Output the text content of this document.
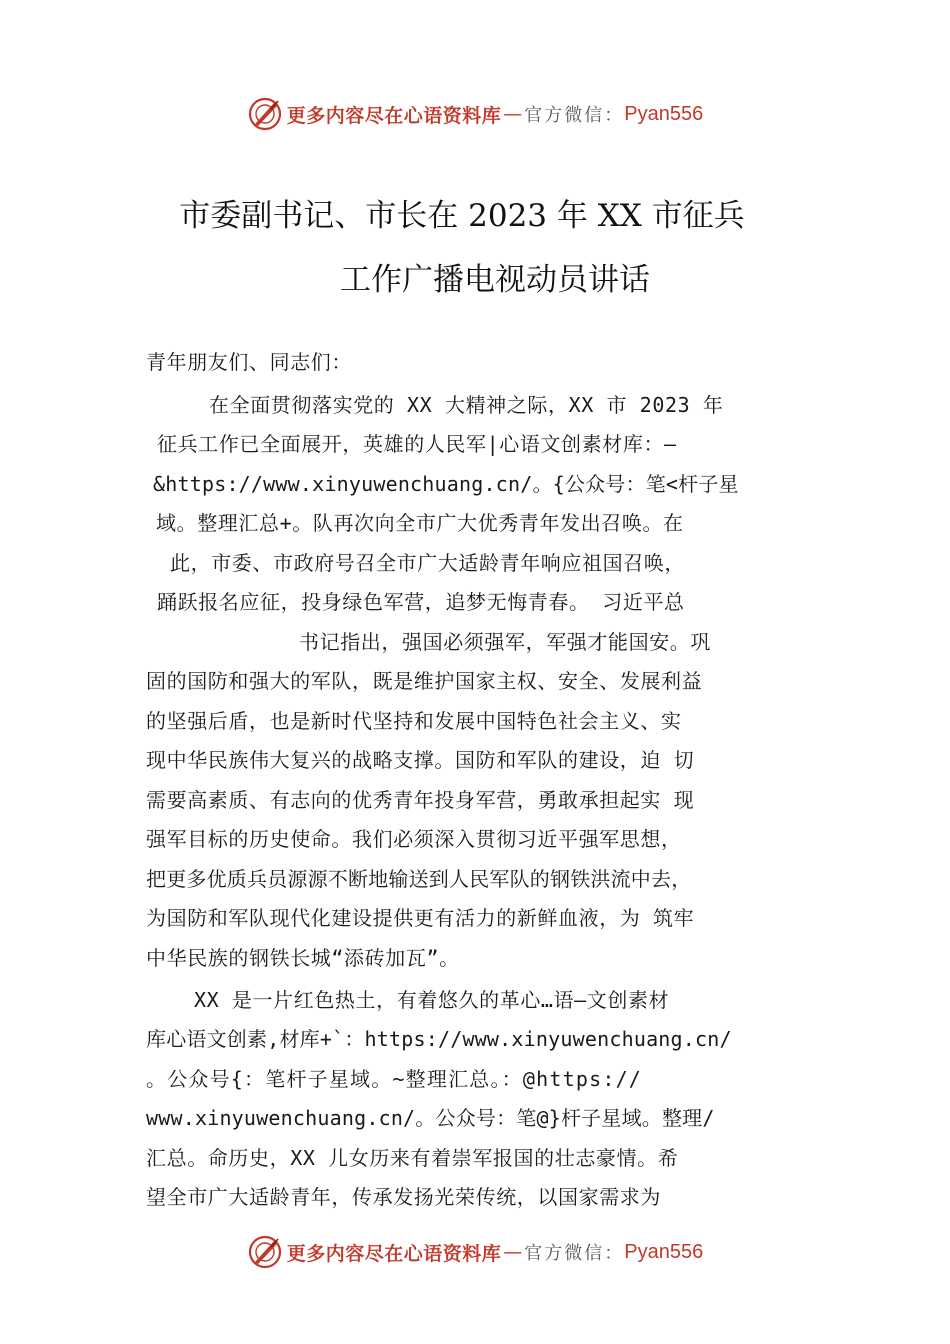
更多内容尽在心语资料库 — 官方微信： Pyan556
市委副书记、市长在 2023 年 XX 市征兵
工作广播电视动员讲话

青年朋友们、同志们：

在全面贯彻落实党的 XX 大精神之际，XX 市 2023 年

征兵工作已全面展开，英雄的人民军|心语文创素材库：—

&https://www.xinyuwenchuang.cn/。{公众号：笔<杆子星

域。整理汇总+。队再次向全市广大优秀青年发出召唤。在

此，市委、市政府号召全市广大适龄青年响应祖国召唤，

踊跃报名应征，投身绿色军营，追梦无悔青春。 习近平总

书记指出，强国必须强军，军强才能国安。巩

固的国防和强大的军队，既是维护国家主权、安全、发展利益

的坚强后盾，也是新时代坚持和发展中国特色社会主义、实

现中华民族伟大复兴的战略支撑。国防和军队的建设，迫 切

需要高素质、有志向的优秀青年投身军营，勇敢承担起实 现

强军目标的历史使命。我们必须深入贯彻习近平强军思想，

把更多优质兵员源源不断地输送到人民军队的钢铁洪流中去，

为国防和军队现代化建设提供更有活力的新鲜血液，为 筑牢

中华民族的钢铁长城“添砖加瓦”。

XX 是一片红色热土，有着悠久的革心…语—文创素材

库心语文创素,材库+`：https://www.xinyuwenchuang.cn/

。公众号{：笔杆子星域。~整理汇总。：@https://

www.xinyuwenchuang.cn/。公众号：笔@}杆子星域。整理/

汇总。命历史，XX 儿女历来有着崇军报国的壮志豪情。希

望全市广大适龄青年，传承发扬光荣传统，以国家需求为

更多内容尽在心语资料库 — 官方微信： Pyan556
